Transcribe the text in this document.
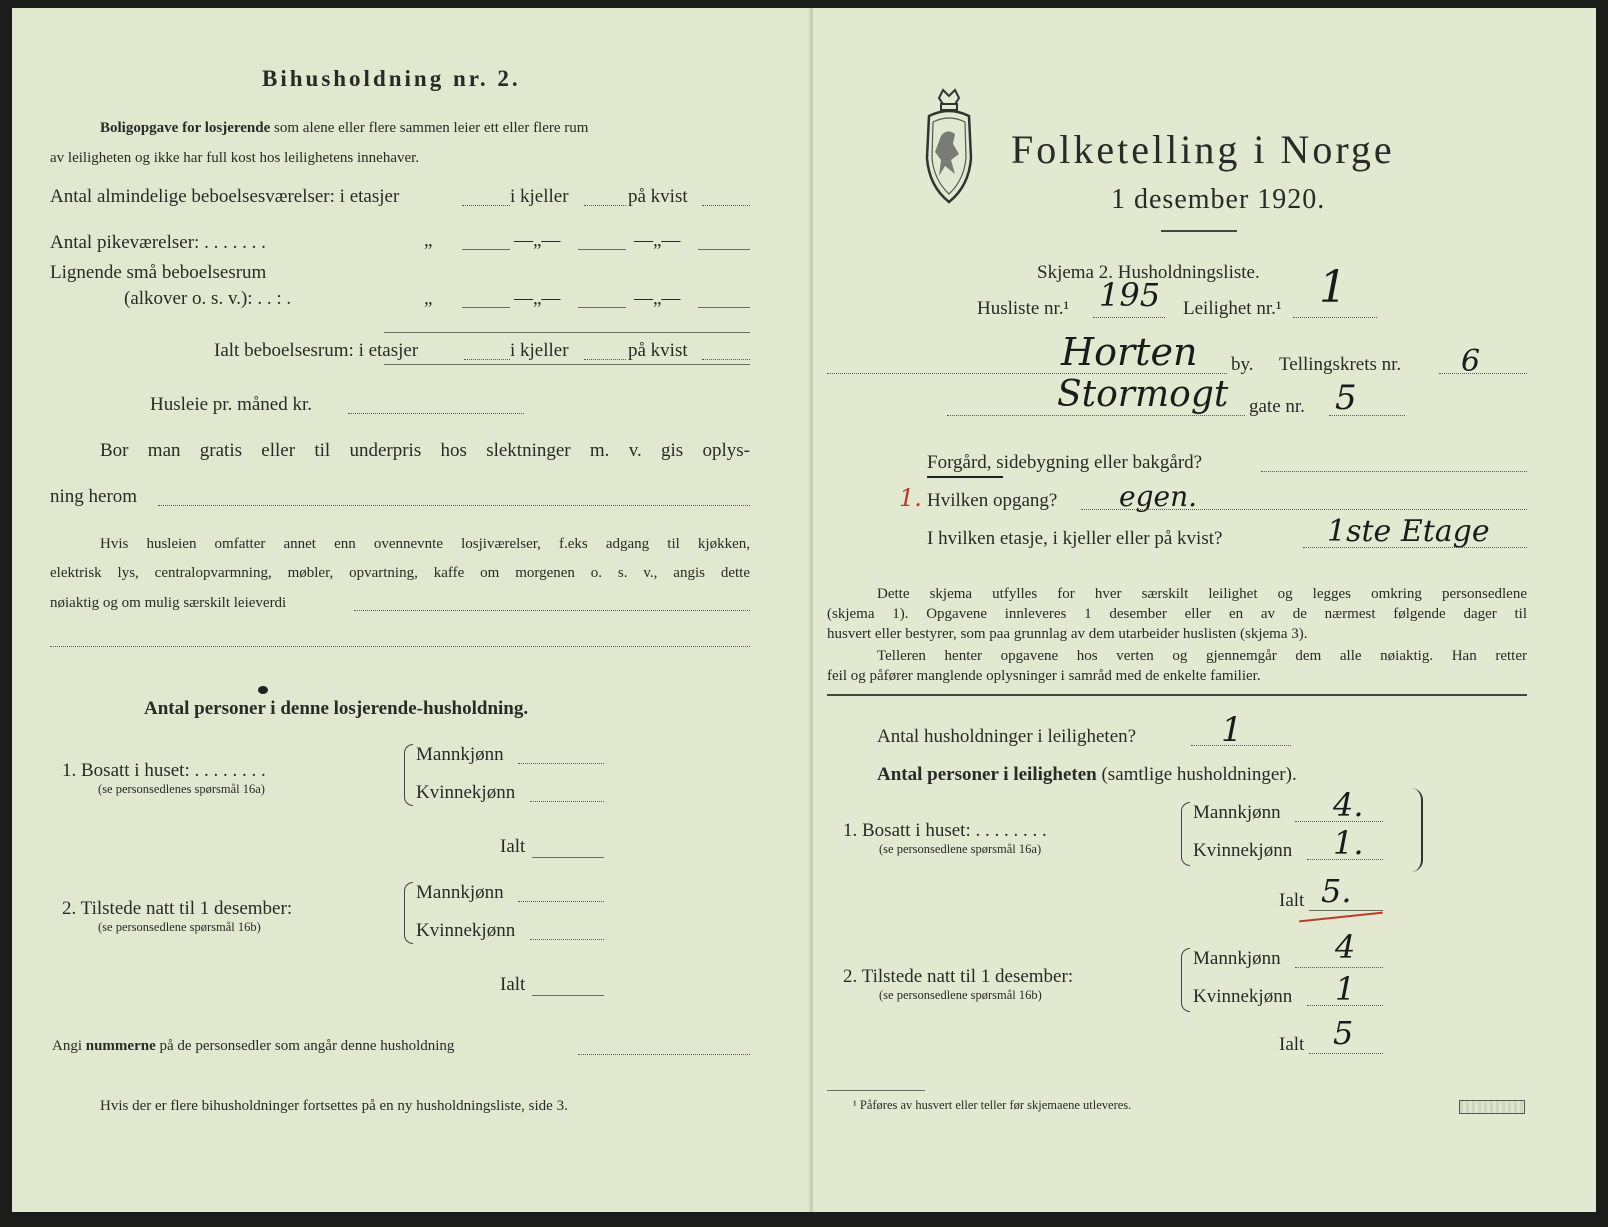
Bihusholdning nr. 2.
Boligopgave for losjerende som alene eller flere sammen leier ett eller flere rum
av leiligheten og ikke har full kost hos leilighetens innehaver.
Antal almindelige beboelsesværelser: i etasjer	i kjeller	på kvist
Antal pikeværelser: . . . . . . .	„	—„—	—„—
Lignende små beboelsesrum
(alkover o. s. v.): . . : .	„	—„—	—„—
Ialt beboelsesrum: i etasjer	i kjeller	på kvist
Husleie pr. måned kr.
Bor man gratis eller til underpris hos slektninger m. v. gis oplys-
ning herom
Hvis husleien omfatter annet enn ovennevnte losjiværelser, f.eks adgang til kjøkken,
elektrisk lys, centralopvarmning, møbler, opvartning, kaffe om morgenen o. s. v., angis dette
nøiaktig og om mulig særskilt leieverdi
Antal personer i denne losjerende-husholdning.
1. Bosatt i huset: . . . . . . . .
(se personsedlenes spørsmål 16a)
Mannkjønn
Kvinnekjønn
Ialt
2. Tilstede natt til 1 desember:
(se personsedlene spørsmål 16b)
Mannkjønn
Kvinnekjønn
Ialt
Angi nummerne på de personsedler som angår denne husholdning
Hvis der er flere bihusholdninger fortsettes på en ny husholdningsliste, side 3.
Folketelling i Norge
1 desember 1920.
Skjema 2. Husholdningsliste.
Husliste nr.¹ 195 Leilighet nr.¹ 1
Horten by. Tellingskrets nr. 6
Stormogt gate nr. 5
Forgård, sidebygning eller bakgård?
1. Hvilken opgang? egen.
I hvilken etasje, i kjeller eller på kvist?	1ste Etage
Dette skjema utfylles for hver særskilt leilighet og legges omkring personsedlene
(skjema 1). Opgavene innleveres 1 desember eller en av de nærmest følgende dager til
husvert eller bestyrer, som paa grunnlag av dem utarbeider huslisten (skjema 3).
Telleren henter opgavene hos verten og gjennemgår dem alle nøiaktig. Han retter
feil og påfører manglende oplysninger i samråd med de enkelte familier.
Antal husholdninger i leiligheten? 1
Antal personer i leiligheten (samtlige husholdninger).
1. Bosatt i huset: . . . . . . . .
(se personsedlene spørsmål 16a)
Mannkjønn 4.
Kvinnekjønn 1.
Ialt 5.
2. Tilstede natt til 1 desember:
(se personsedlene spørsmål 16b)
Mannkjønn 4
Kvinnekjønn 1
Ialt 5
¹ Påføres av husvert eller teller før skjemaene utleveres.
